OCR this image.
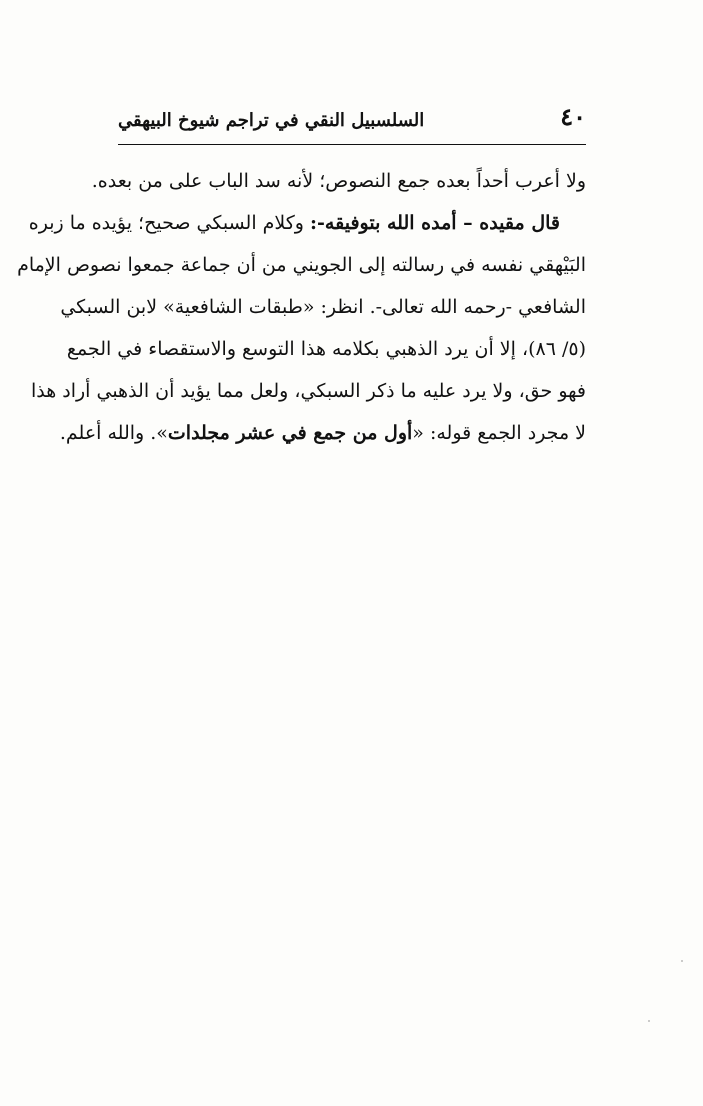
٤٠
السلسبيل النقي في تراجم شيوخ البيهقي
ولا أعرب أحداً بعده جمع النصوص؛ لأنه سد الباب على من بعده.
قال مقيده – أمده الله بتوفيقه-: وكلام السبكي صحيح؛ يؤيده ما زبره
البَيْهقي نفسه في رسالته إلى الجويني من أن جماعة جمعوا نصوص الإمام
الشافعي -رحمه الله تعالى-. انظر: «طبقات الشافعية» لابن السبكي
(٥/ ٨٦)، إلا أن يرد الذهبي بكلامه هذا التوسع والاستقصاء في الجمع
فهو حق، ولا يرد عليه ما ذكر السبكي، ولعل مما يؤيد أن الذهبي أراد هذا
لا مجرد الجمع قوله: «أول من جمع في عشر مجلدات». والله أعلم.
